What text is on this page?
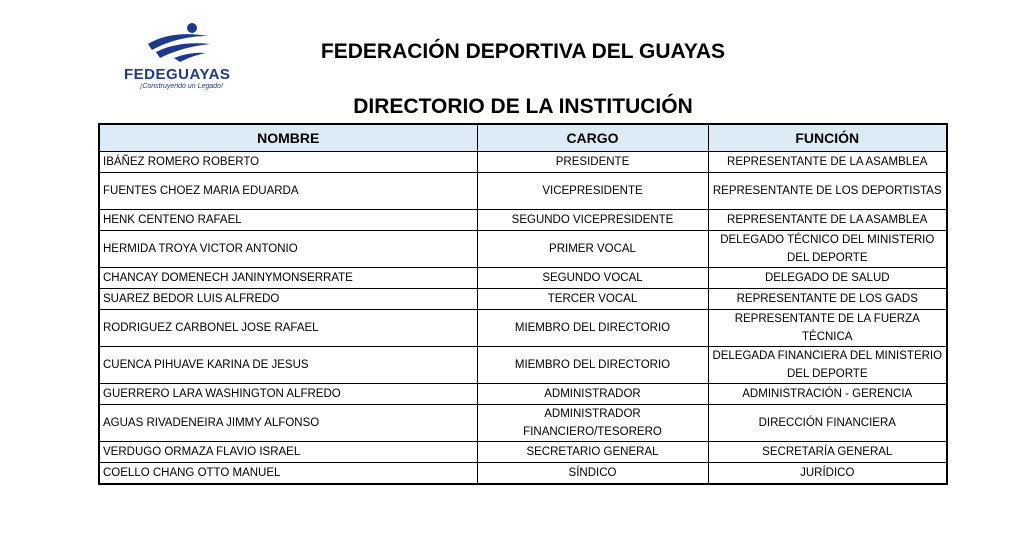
FEDEGUAYAS
¡Construyendo un Legado!
FEDERACIÓN DEPORTIVA DEL GUAYAS
DIRECTORIO DE LA INSTITUCIÓN
NOMBRE	CARGO	FUNCIÓN
IBÁÑEZ ROMERO ROBERTO	PRESIDENTE	REPRESENTANTE DE LA ASAMBLEA
FUENTES CHOEZ MARIA EDUARDA	VICEPRESIDENTE	REPRESENTANTE DE LOS DEPORTISTAS
HENK CENTENO RAFAEL	SEGUNDO VICEPRESIDENTE	REPRESENTANTE DE LA ASAMBLEA
HERMIDA TROYA VICTOR ANTONIO	PRIMER VOCAL	DELEGADO TÉCNICO DEL MINISTERIO DEL DEPORTE
CHANCAY DOMENECH JANINYMONSERRATE	SEGUNDO VOCAL	DELEGADO DE SALUD
SUAREZ BEDOR LUIS ALFREDO	TERCER VOCAL	REPRESENTANTE DE LOS GADS
RODRIGUEZ CARBONEL JOSE RAFAEL	MIEMBRO DEL DIRECTORIO	REPRESENTANTE DE LA FUERZA TÉCNICA
CUENCA PIHUAVE KARINA DE JESUS	MIEMBRO DEL DIRECTORIO	DELEGADA FINANCIERA DEL MINISTERIO DEL DEPORTE
GUERRERO LARA WASHINGTON ALFREDO	ADMINISTRADOR	ADMINISTRACIÓN - GERENCIA
AGUAS RIVADENEIRA JIMMY ALFONSO	ADMINISTRADOR FINANCIERO/TESORERO	DIRECCIÓN FINANCIERA
VERDUGO ORMAZA FLAVIO ISRAEL	SECRETARIO GENERAL	SECRETARÍA GENERAL
COELLO CHANG OTTO MANUEL	SÍNDICO	JURÍDICO
